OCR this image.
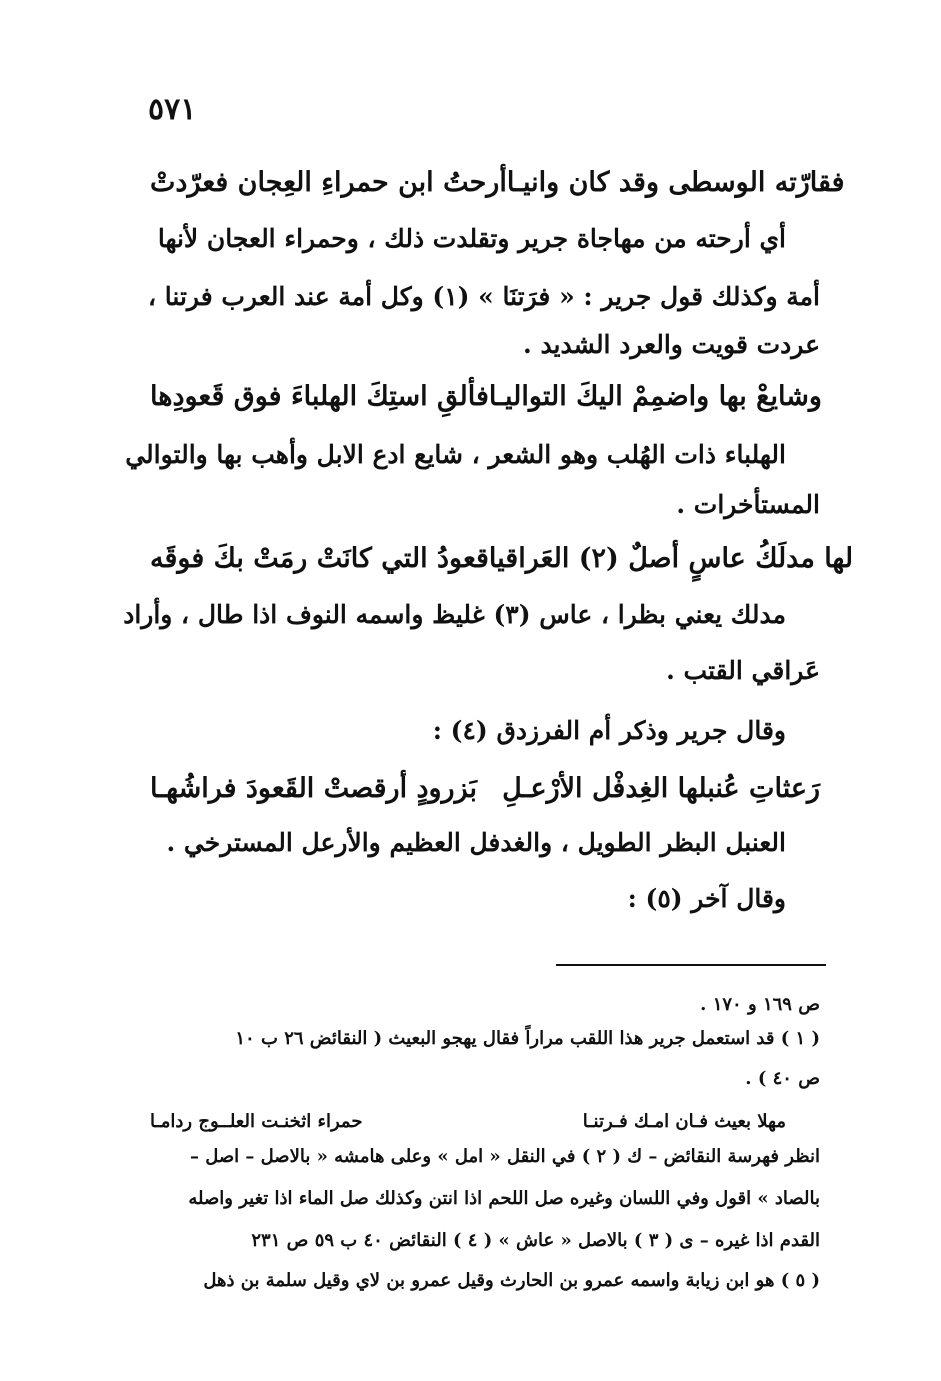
٥٧١
أرحتُ ابن حمراءِ العِجان فعرّدتْ فقارّته الوسطى وقد كان وانيـا
أي أرحته من مهاجاة جرير وتقلدت ذلك ، وحمراء العجان لأنها
أمة وكذلك قول جرير : « فرَتنَا » (١) وكل أمة عند العرب فرتنا ،
عردت قويت والعرد الشديد .
فألقِ استِكَ الهلباءَ فوق قَعودِها وشايعْ بها واضمِمْ اليكَ التواليـا
الهلباء ذات الهُلب وهو الشعر ، شايع ادع الابل وأهب بها والتوالي
المستأخرات .
قعودُ التي كانَتْ رمَتْ بكَ فوقَه لها مدلَكُ عاسٍ أصلٌ (٢) العَراقيا
مدلك يعني بظرا ، عاس (٣) غليظ واسمه النوف اذا طال ، وأراد
عَراقي القتب .
وقال جرير وذكر أم الفرزدق (٤) :
بَزرودٍ أرقصتْ القَعودَ فراشُهـا رَعثاتِ عُنبلها الغِدفْل الأرْعـلِ
العنبل البظر الطويل ، والغدفل العظيم والأرعل المسترخي .
وقال آخر (٥) :
ص ١٦٩ و ١٧٠ .
( ١ ) قد استعمل جرير هذا اللقب مراراً فقال يهجو البعيث ( النقائض ٢٦ ب ١٠
ص ٤٠ ) .
مهلا بعيث فـان امـك فـرتنـا
حمراء اثخنـت العلــوج ردامـا
انظر فهرسة النقائض – ك ( ٢ ) في النقل « امل » وعلى هامشه « بالاصل – اصل –
بالصاد » اقول وفي اللسان وغيره صل اللحم اذا انتن وكذلك صل الماء اذا تغير واصله
القدم اذا غيره – ى ( ٣ ) بالاصل « عاش » ( ٤ ) النقائض ٤٠ ب ٥٩ ص ٢٣١
( ٥ ) هو ابن زيابة واسمه عمرو بن الحارث وقيل عمرو بن لاي وقيل سلمة بن ذهل
